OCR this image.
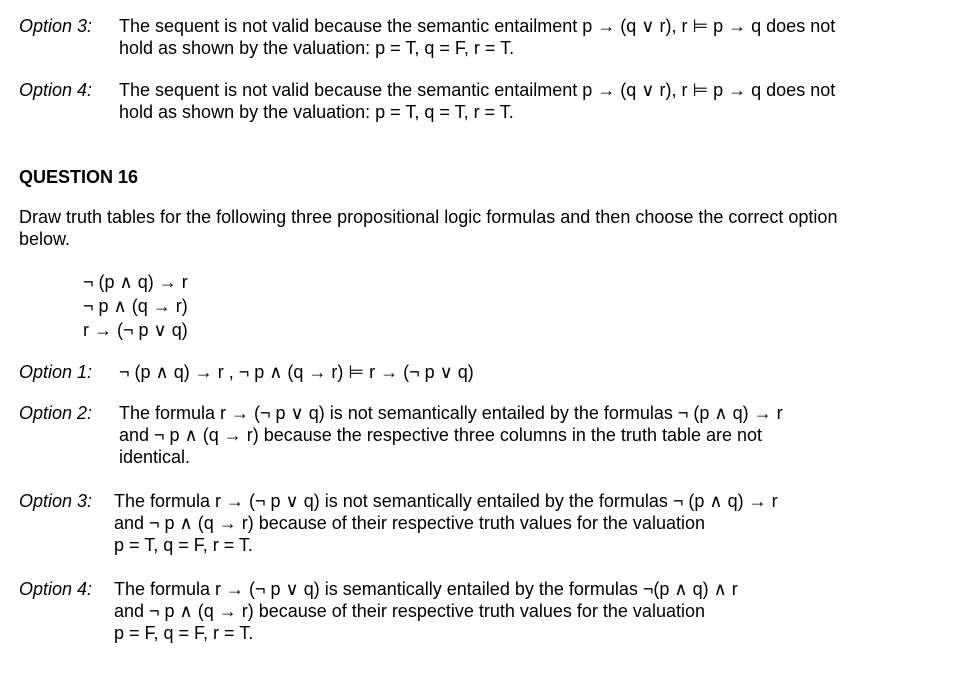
Option 3: The sequent is not valid because the semantic entailment p → (q ∨ r), r ⊨ p → q does not
hold as shown by the valuation: p = T, q = F, r = T.
Option 4: The sequent is not valid because the semantic entailment p → (q ∨ r), r ⊨ p → q does not
hold as shown by the valuation: p = T, q = T, r = T.
QUESTION 16
Draw truth tables for the following three propositional logic formulas and then choose the correct option
below.
¬ (p ∧ q) → r
¬ p ∧ (q → r)
r → (¬ p ∨ q)
Option 1: ¬ (p ∧ q) → r , ¬ p ∧ (q → r) ⊨ r → (¬ p ∨ q)
Option 2: The formula r → (¬ p ∨ q) is not semantically entailed by the formulas ¬ (p ∧ q) → r
and ¬ p ∧ (q → r) because the respective three columns in the truth table are not
identical.
Option 3: The formula r → (¬ p ∨ q) is not semantically entailed by the formulas ¬ (p ∧ q) → r
and ¬ p ∧ (q → r) because of their respective truth values for the valuation
p = T, q = F, r = T.
Option 4: The formula r → (¬ p ∨ q) is semantically entailed by the formulas ¬(p ∧ q) ∧ r
and ¬ p ∧ (q → r) because of their respective truth values for the valuation
p = F, q = F, r = T.
